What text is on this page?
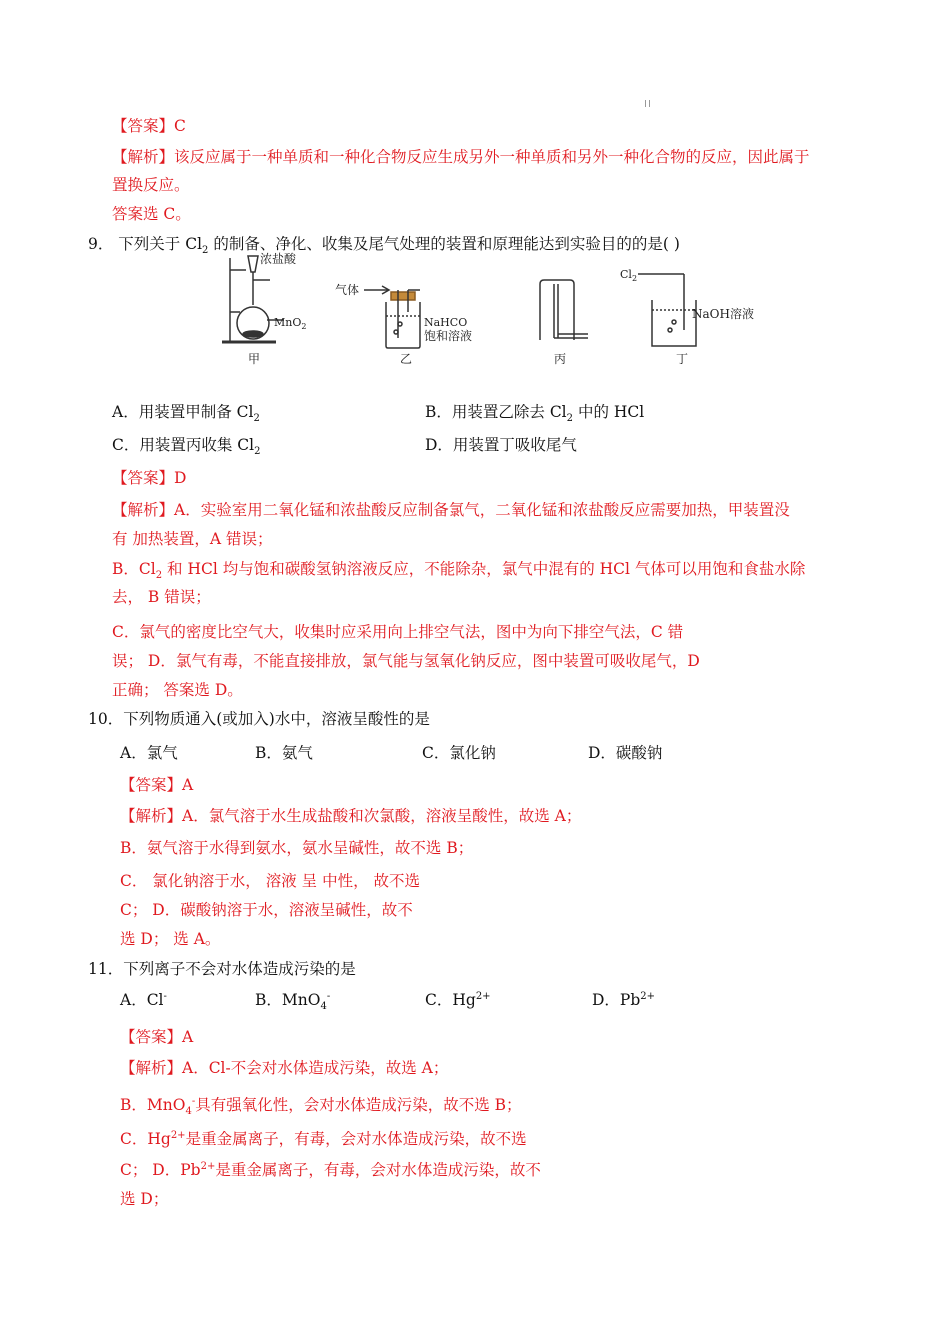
【答案】C
【解析】该反应属于一种单质和一种化合物反应生成另外一种单质和另外一种化合物的反应，因此属于
置换反应。
答案选 C。
9． 下列关于 $Cl_2$ 的制备、净化、收集及尾气处理的装置和原理能达到实验目的的是( )
浓盐酸
MnO$_2$
甲
气体
NaHCO
饱和溶液
乙	丙
$Cl_2$
NaOH溶液
丁
A．用装置甲制备 $Cl_2$	B．用装置乙除去 $Cl_2$ 中的 HCl
C．用装置丙收集 $Cl_2$	D．用装置丁吸收尾气
【答案】D
【解析】A．实验室用二氧化锰和浓盐酸反应制备氯气，二氧化锰和浓盐酸反应需要加热，甲装置没
有 加热装置，A 错误；
B．$Cl_2$ 和 HCl 均与饱和碳酸氢钠溶液反应，不能除杂，氯气中混有的 HCl 气体可以用饱和食盐水除
去， B 错误；
C．氯气的密度比空气大，收集时应采用向上排空气法，图中为向下排空气法，C 错
误； D．氯气有毒，不能直接排放，氯气能与氢氧化钠反应，图中装置可吸收尾气，D
正确； 答案选 D。
10．下列物质通入(或加入)水中，溶液呈酸性的是
A．氯气	B．氨气	C．氯化钠	D．碳酸钠
【答案】A
【解析】A．氯气溶于水生成盐酸和次氯酸，溶液呈酸性，故选 A；
B．氨气溶于水得到氨水，氨水呈碱性，故不选 B；
C． 氯化钠溶于水， 溶液 呈 中性， 故不选
C； D．碳酸钠溶于水，溶液呈碱性，故不
选 D； 选 A。
11．下列离子不会对水体造成污染的是
A．Cl-	B．MnO$_4$-	C．$Hg^{2+}$	D．$Pb^{2+}$
【答案】A
【解析】A．Cl-不会对水体造成污染，故选 A；
B．MnO$_4$-具有强氧化性，会对水体造成污染，故不选 B；
C．$Hg^{2+}$是重金属离子，有毒，会对水体造成污染，故不选
C； D．$Pb^{2+}$是重金属离子，有毒，会对水体造成污染，故不
选 D；
